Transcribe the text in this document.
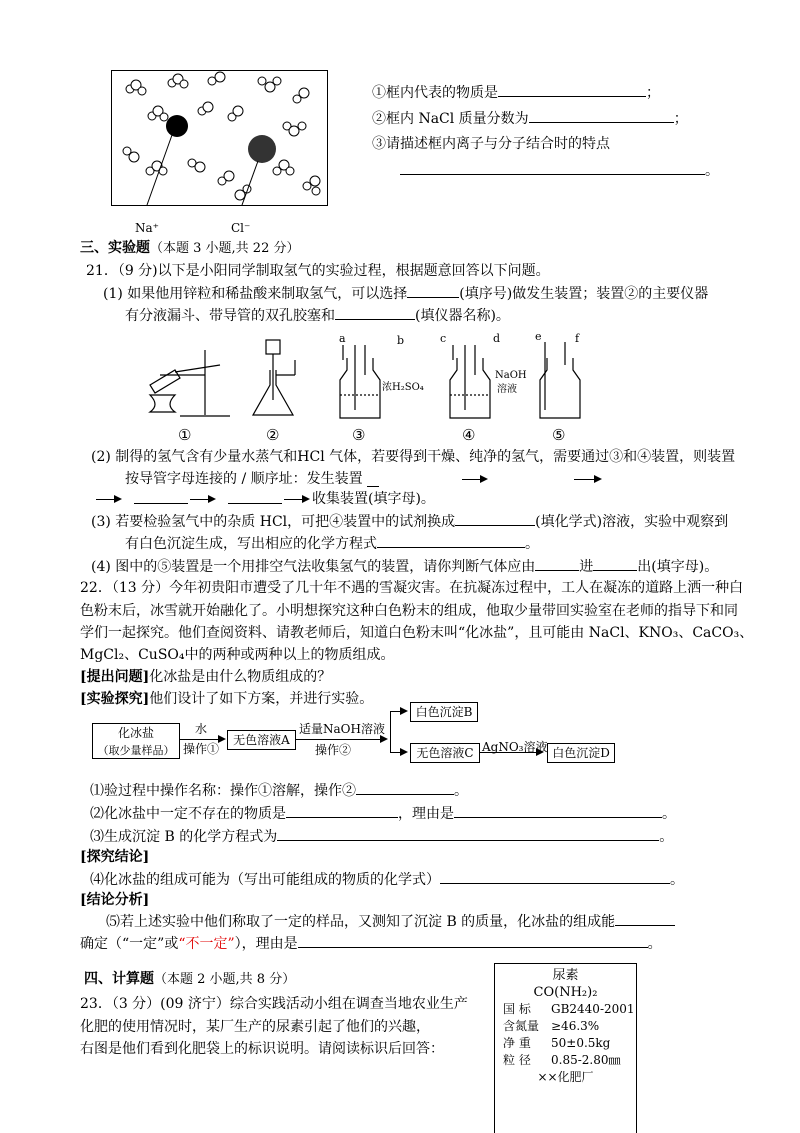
Na⁺	Cl⁻
①框内代表的物质是	；
②框内 NaCl 质量分数为	；
③请描述框内离子与分子结合时的特点
。
三、实验题（本题 3 小题,共 22 分）
21．（9 分)以下是小阳同学制取氢气的实验过程，根据题意回答以下问题。
(1) 如果他用锌粒和稀盐酸来制取氢气，可以选择	(填序号)做发生装置；装置②的主要仪器
有分液漏斗、带导管的双孔胶塞和	(填仪器名称)。
a	b	c	d	e	f
浓H₂SO₄
NaOH
溶液
①	②	③	④	⑤
(2) 制得的氢气含有少量水蒸气和HCl 气体，若要得到干燥、纯净的氢气，需要通过③和④装置，则装置
按导管字母连接的 / 顺序址：发生装置
收集装置(填字母)。
(3) 若要检验氢气中的杂质 HCl，可把④装置中的试剂换成	(填化学式)溶液，实验中观察到
有白色沉淀生成，写出相应的化学方程式	。
(4) 图中的⑤装置是一个用排空气法收集氢气的装置，请你判断气体应由	进	出(填字母)。
22．（13 分）今年初贵阳市遭受了几十年不遇的雪凝灾害。在抗凝冻过程中，工人在凝冻的道路上洒一种白
色粉末后，冰雪就开始融化了。小明想探究这种白色粉末的组成，他取少量带回实验室在老师的指导下和同
学们一起探究。他们查阅资料、请教老师后，知道白色粉末叫“化冰盐”，且可能由 NaCl、KNO₃、CaCO₃、
MgCl₂、CuSO₄中的两种或两种以上的物质组成。
[提出问题]化冰盐是由什么物质组成的？
[实验探究]他们设计了如下方案，并进行实验。
化冰盐
（取少量样品）
水
操作①
无色溶液A
适量NaOH溶液
操作②
白色沉淀B
无色溶液C AgNO₃溶液 白色沉淀D
⑴验过程中操作名称：操作①溶解，操作②	。
⑵化冰盐中一定不存在的物质是	，理由是	。
⑶生成沉淀 B 的化学方程式为	。
[探究结论]
⑷化冰盐的组成可能为（写出可能组成的物质的化学式）	。
[结论分析]
⑸若上述实验中他们称取了一定的样品，又测知了沉淀 B 的质量，化冰盐的组成能
确定（“一定”或“不一定”），理由是	。
四、计算题（本题 2 小题,共 8 分）
23．（3 分）(09 济宁）综合实践活动小组在调查当地农业生产
化肥的使用情况时，某厂生产的尿素引起了他们的兴趣，
右图是他们看到化肥袋上的标识说明。请阅读标识后回答：
尿素
CO(NH₂)₂
国 标 GB2440-2001
含氮量 ≥46.3%
净 重 50±0.5kg
粒 径 0.85-2.80㎜
××化肥厂
